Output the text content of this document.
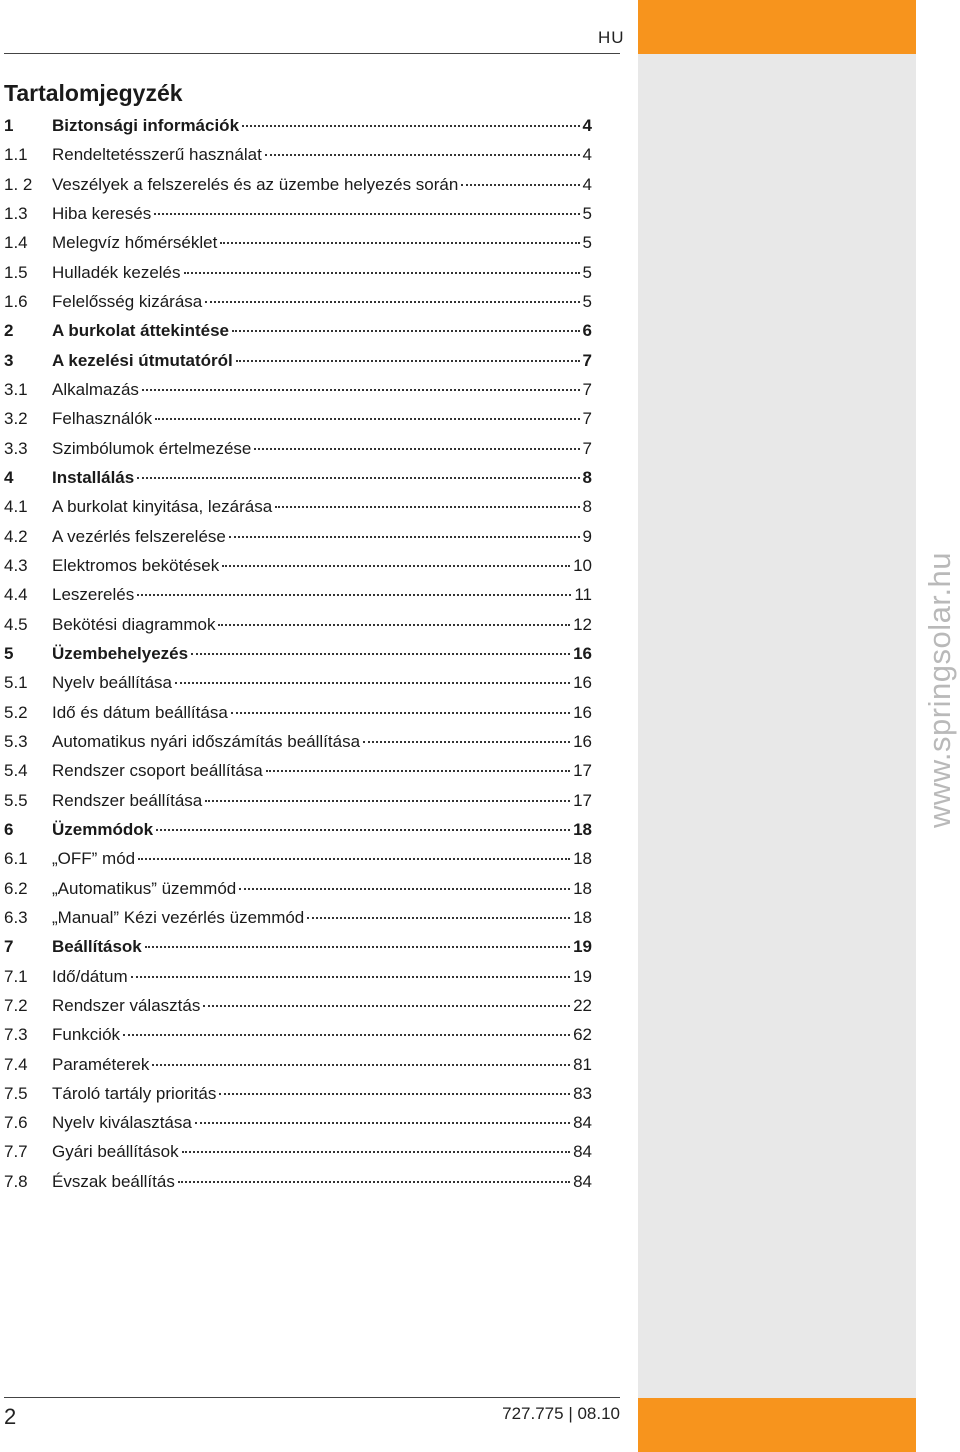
HU
Tartalomjegyzék
1	Biztonsági információk	4
1.1	Rendeltetésszerű használat	4
1. 2	Veszélyek a felszerelés és az üzembe helyezés során	4
1.3	Hiba keresés	5
1.4	Melegvíz hőmérséklet	5
1.5	Hulladék kezelés	5
1.6	Felelősség kizárása	5
2	A burkolat áttekintése	6
3	A kezelési útmutatóról	7
3.1	Alkalmazás	7
3.2	Felhasználók	7
3.3	Szimbólumok értelmezése	7
4	Installálás	8
4.1	A burkolat kinyitása, lezárása	8
4.2	A vezérlés felszerelése	9
4.3	Elektromos bekötések	10
4.4	Leszerelés	11
4.5	Bekötési diagrammok	12
5	Üzembehelyezés	16
5.1	Nyelv beállítása	16
5.2	Idő és dátum beállítása	16
5.3	Automatikus nyári időszámítás beállítása	16
5.4	Rendszer csoport beállítása	17
5.5	Rendszer beállítása	17
6	Üzemmódok	18
6.1	„OFF” mód	18
6.2	„Automatikus” üzemmód	18
6.3	„Manual” Kézi vezérlés üzemmód	18
7	Beállítások	19
7.1	Idő/dátum	19
7.2	Rendszer választás	22
7.3	Funkciók	62
7.4	Paraméterek	81
7.5	Tároló tartály prioritás	83
7.6	Nyelv kiválasztása	84
7.7	Gyári beállítások	84
7.8	Évszak beállítás	84
2	727.775 | 08.10
www.springsolar.hu
